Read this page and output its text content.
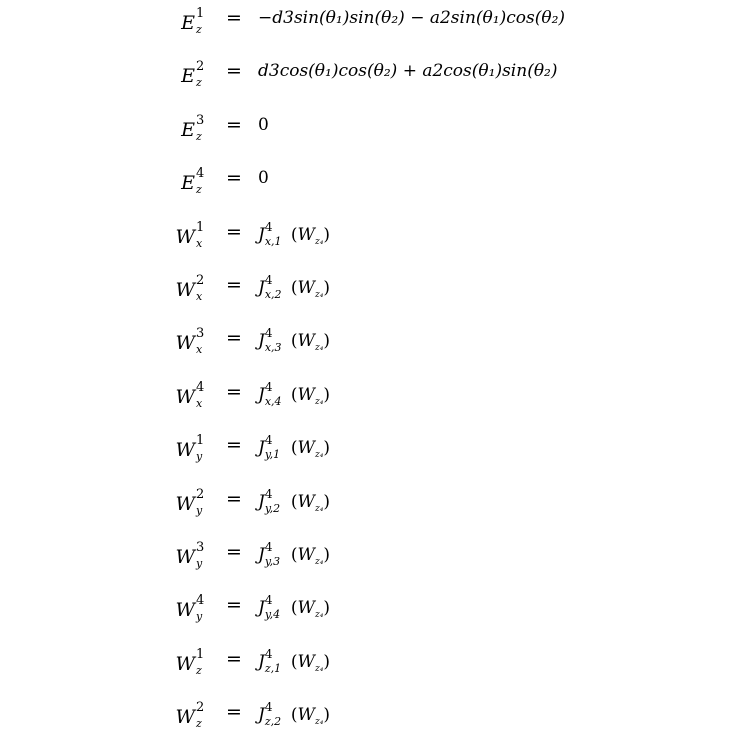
E 1
z
= −d3sin(θ₁)sin(θ₂) − a2sin(θ₁)cos(θ₂)
E 2
z
= d3cos(θ₁)cos(θ₂) + a2cos(θ₁)sin(θ₂)
E 3
z
= 0
E 4
z
= 0
W 1
x
= J 4
x,1 $(W_{z_4})$
W 2
x
= J 4
x,2 $(W_{z_4})$
W 3
x
= J 4
x,3 $(W_{z_4})$
W 4
x
= J 4
x,4 $(W_{z_4})$
W 1
y
= J 4
y,1 $(W_{z_4})$
W 2
y
= J 4
y,2 $(W_{z_4})$
W 3
y
= J 4
y,3 $(W_{z_4})$
W 4
y
= J 4
y,4 $(W_{z_4})$
W 1
z
= J 4
z,1 $(W_{z_4})$
W 2
z
= J 4
z,2 $(W_{z_4})$
